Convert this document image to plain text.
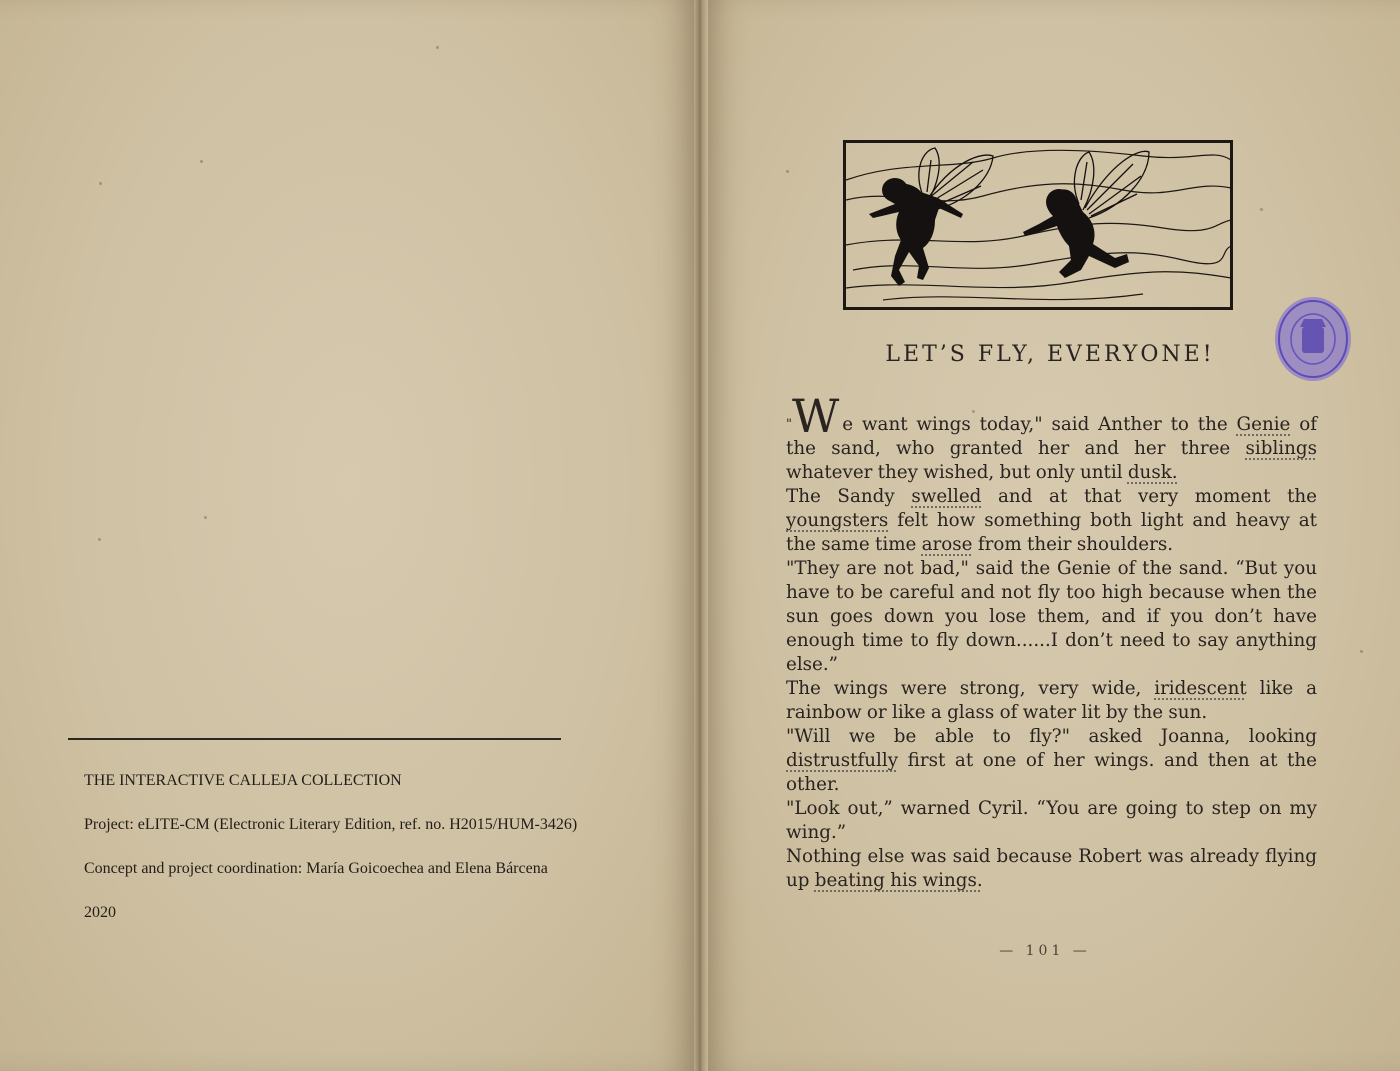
THE INTERACTIVE CALLEJA COLLECTION

Project: eLITE-CM (Electronic Literary Edition, ref. no. H2015/HUM-3426)

Concept and project coordination: María Goicoechea and Elena Bárcena

2020

LET’S FLY, EVERYONE!

"W e want wings today," said Anther to the Genie of the sand, who granted her and her three siblings whatever they wished, but only until dusk.

The Sandy swelled and at that very moment the youngsters felt how something both light and heavy at the same time arose from their shoulders.

"They are not bad," said the Genie of the sand. “But you have to be careful and not fly too high because when the sun goes down you lose them, and if you don’t have enough time to fly down......I don’t need to say anything else.”

The wings were strong, very wide, iridescent like a rainbow or like a glass of water lit by the sun.

"Will we be able to fly?" asked Joanna, looking distrustfully first at one of her wings. and then at the other.

"Look out,” warned Cyril. “You are going to step on my wing.”

Nothing else was said because Robert was already flying up beating his wings.

— 101 —
